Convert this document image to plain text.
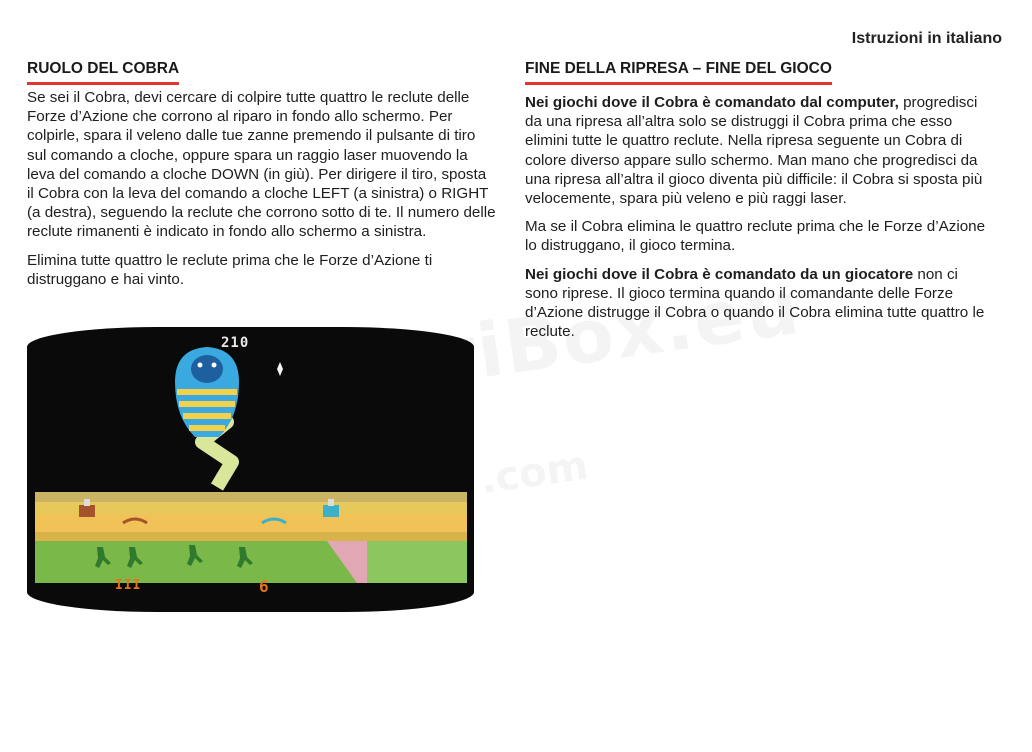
Istruzioni in italiano
RUOLO DEL COBRA	FINE DELLA RIPRESA – FINE DEL GIOCO

Se sei il Cobra, devi cercare di colpire tutte quattro le reclute delle Forze d’Azione che corrono al riparo in fondo allo schermo. Per colpirle, spara il veleno dalle tue zanne premendo il pulsante di tiro sul comando a cloche, oppure spara un raggio laser muovendo la leva del comando a cloche DOWN (in giù). Per dirigere il tiro, sposta il Cobra con la leva del comando a cloche LEFT (a sinistra) o RIGHT (a destra), seguendo la reclute che corrono sotto di te. Il numero delle reclute rimanenti è indicato in fondo allo schermo a sinistra.

Elimina tutte quattro le reclute prima che le Forze d’Azione ti distruggano e hai vinto.

Nei giochi dove il Cobra è comandato dal computer, progredisci da una ripresa all’altra solo se distruggi il Cobra prima che esso elimini tutte le quattro reclute. Nella ripresa seguente un Cobra di colore diverso appare sullo schermo. Man mano che progredisci da una ripresa all’altra il gioco diventa più difficile: il Cobra si sposta più velocemente, spara più veleno e più raggi laser.

Ma se il Cobra elimina le quattro reclute prima che le Forze d’Azione lo distruggano, il gioco termina.

Nei giochi dove il Cobra è comandato da un giocatore non ci sono riprese. Il gioco termina quando il comandante delle Forze d’Azione distrugge il Cobra o quando il Cobra elimina tutte quattro le reclute.

210
III	6
